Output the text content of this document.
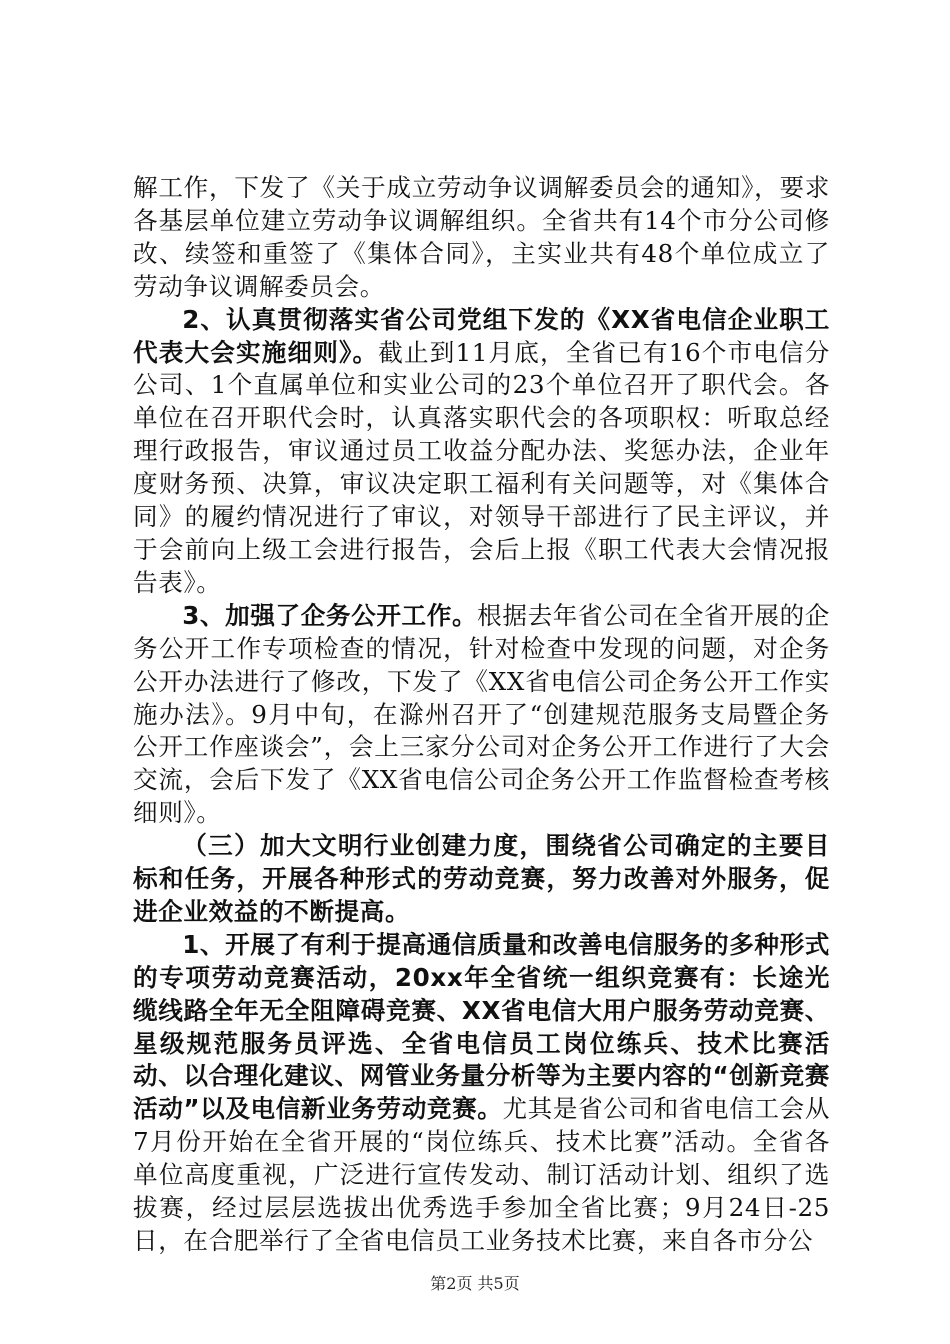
解工作，下发了《关于成立劳动争议调解委员会的通知》，要求各基层单位建立劳动争议调解组织。全省共有14个市分公司修改、续签和重签了《集体合同》，主实业共有48个单位成立了劳动争议调解委员会。

2、认真贯彻落实省公司党组下发的《XX省电信企业职工代表大会实施细则》。截止到11月底，全省已有16个市电信分公司、1个直属单位和实业公司的23个单位召开了职代会。各单位在召开职代会时，认真落实职代会的各项职权：听取总经理行政报告，审议通过员工收益分配办法、奖惩办法，企业年度财务预、决算，审议决定职工福利有关问题等，对《集体合同》的履约情况进行了审议，对领导干部进行了民主评议，并于会前向上级工会进行报告，会后上报《职工代表大会情况报告表》。

3、加强了企务公开工作。根据去年省公司在全省开展的企务公开工作专项检查的情况，针对检查中发现的问题，对企务公开办法进行了修改，下发了《XX省电信公司企务公开工作实施办法》。9月中旬，在滁州召开了“创建规范服务支局暨企务公开工作座谈会”，会上三家分公司对企务公开工作进行了大会交流，会后下发了《XX省电信公司企务公开工作监督检查考核细则》。

（三）加大文明行业创建力度，围绕省公司确定的主要目标和任务，开展各种形式的劳动竞赛，努力改善对外服务，促进企业效益的不断提高。

1、开展了有利于提高通信质量和改善电信服务的多种形式的专项劳动竞赛活动，20xx年全省统一组织竞赛有：长途光缆线路全年无全阻障碍竞赛、XX省电信大用户服务劳动竞赛、星级规范服务员评选、全省电信员工岗位练兵、技术比赛活动、以合理化建议、网管业务量分析等为主要内容的“创新竞赛活动”以及电信新业务劳动竞赛。尤其是省公司和省电信工会从7月份开始在全省开展的“岗位练兵、技术比赛”活动。全省各单位高度重视，广泛进行宣传发动、制订活动计划、组织了选拔赛，经过层层选拔出优秀选手参加全省比赛；9月24日-25日，在合肥举行了全省电信员工业务技术比赛，来自各市分公

第2页 共5页
